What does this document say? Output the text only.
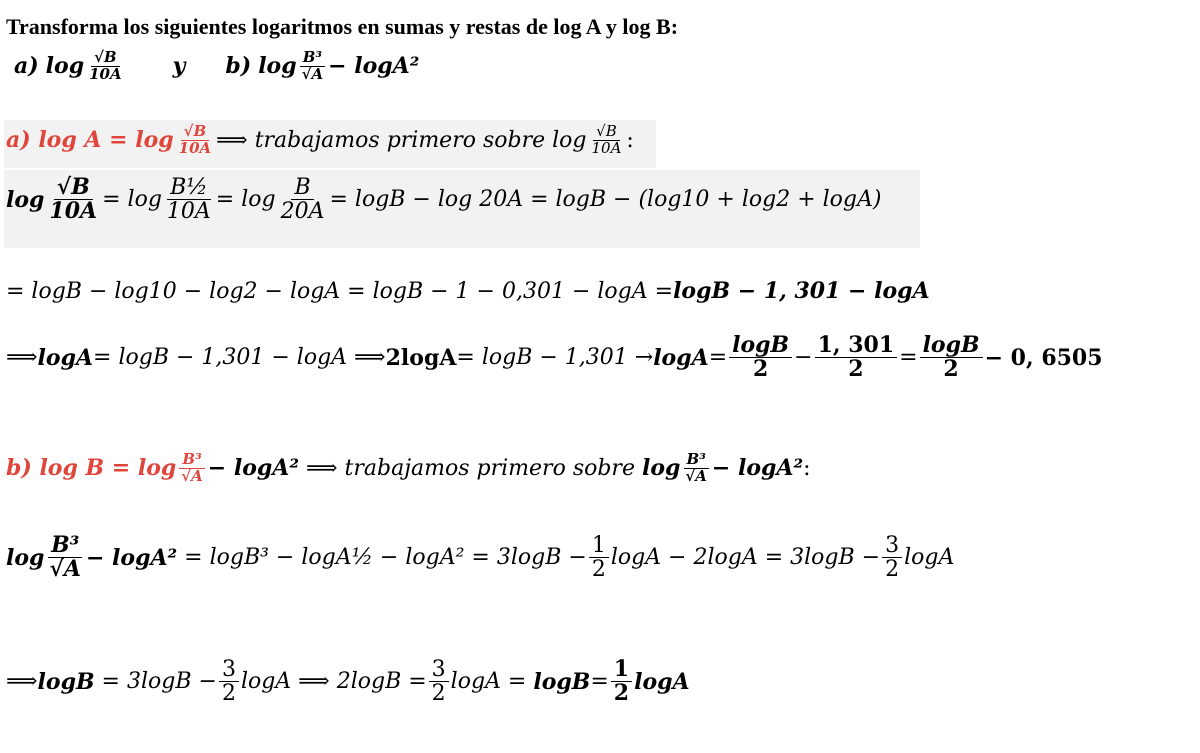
Transforma los siguientes logaritmos en sumas y restas de log A y log B:
a)
$\log \frac{√B}{10A}$ y b)
$\log \frac{\text{B³}}{√A} - \log A^2$
a) $\log A = \log \frac{√B}{10A}$ ⟹ trabajamos primero sobre $\log \frac{√B}{10A}$ :
$\log \frac{√B}{10A} = \log \frac{\text{B½}}{10A} = \log \frac{B}{20A} = \log B - \log 20A = \log B - (\log 10 + \log 2 + \log A)$
= logB − log10 − log2 − logA = logB − 1 − 0,301 − logA = logB − 1, 301 − logA
⟹ logA = logB − 1,301 − logA ⟹ $2\log A = \log B - 1,301 \to \log A = \frac{\log B}{2} - \frac{1, 301}{2} = \frac{\log B}{2} - 0$, 6505
b) $\log B = \log \frac{\text{B³}}{√A} - \log A^2$ ⟹ trabajamos primero sobre $\log \frac{\text{B³}}{√A} - \log A^2$ :
$\log \frac{\text{B³}}{√A} - \log A^2 = \log B^3$ − logA½ − $\log A^2 = 3\log B - \frac{1}{2}$ $\log A - 2\log A = 3\log B - \frac{3}{2}$ logA
⟹ $\log B = 3\log B - \frac{3}{2}$ logA ⟹ $2\log B = \frac{3}{2}$ $\log A = \log B = \frac{1}{2}$ logA
